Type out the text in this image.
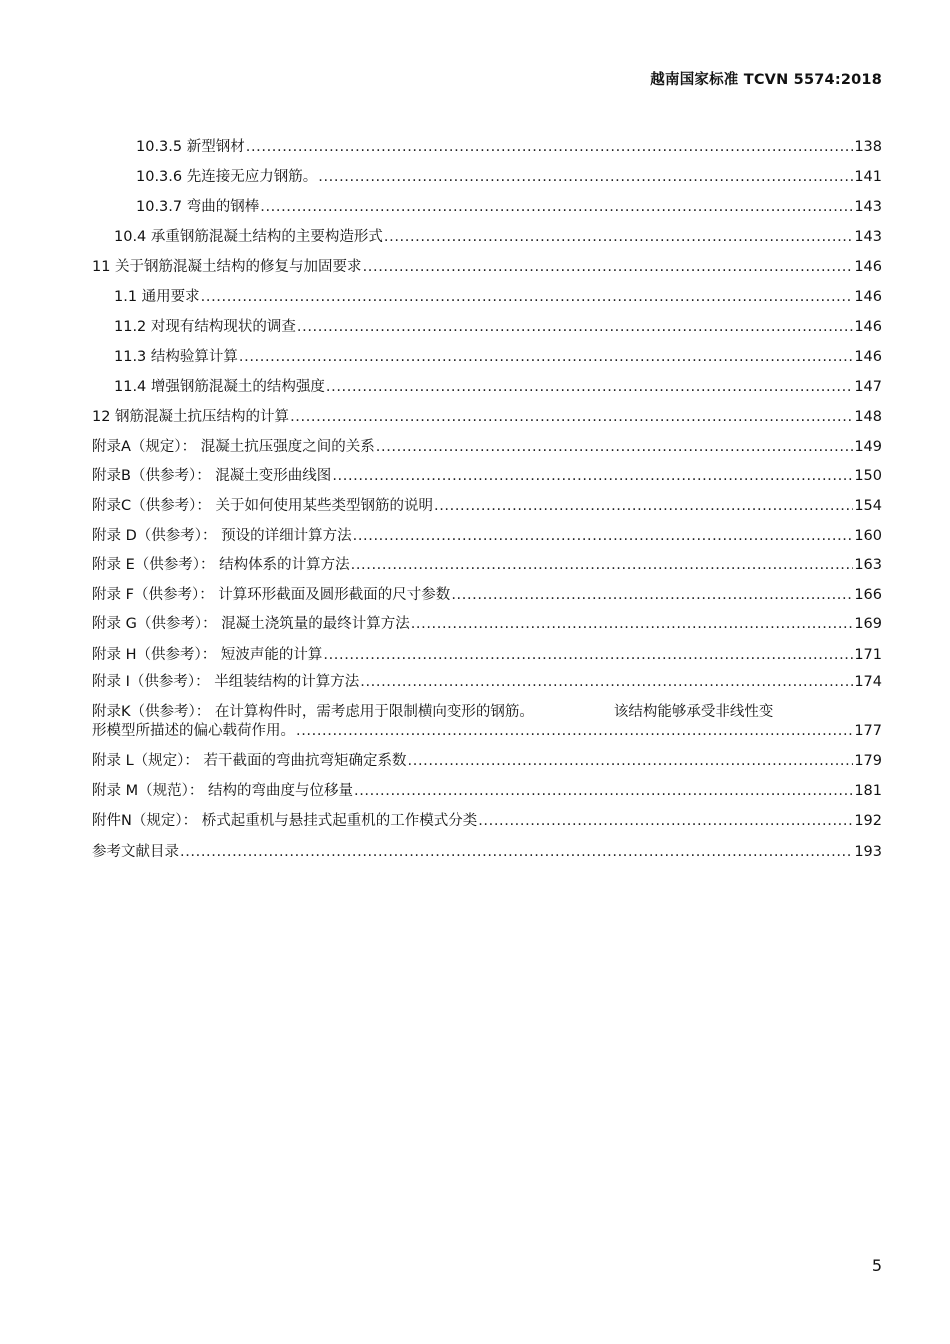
越南国家标准 TCVN 5574:2018
10.3.5 新型钢材 .....	138
10.3.6 先连接无应力钢筋。 .....	141
10.3.7 弯曲的钢棒 .....	143
10.4 承重钢筋混凝土结构的主要构造形式 .....	143
11 关于钢筋混凝土结构的修复与加固要求 .....	146
1.1 通用要求 .....	146
11.2 对现有结构现状的调查 .....	146
11.3 结构验算计算 .....	146
11.4 增强钢筋混凝土的结构强度 .....	147
12 钢筋混凝土抗压结构的计算 .....	148
附录A（规定）： 混凝土抗压强度之间的关系 .....	149
附录B（供参考）： 混凝土变形曲线图 .....	150
附录C（供参考）： 关于如何使用某些类型钢筋的说明 .....	154
附录 D（供参考）： 预设的详细计算方法 .....	160
附录 E（供参考）： 结构体系的计算方法 .....	163
附录 F（供参考）： 计算环形截面及圆形截面的尺寸参数 .....	166
附录 G（供参考）： 混凝土浇筑量的最终计算方法 .....	169
附录 H（供参考）： 短波声能的计算 .....	171
附录 I（供参考）： 半组装结构的计算方法 .....	174
附录K（供参考）： 在计算构件时，需考虑用于限制横向变形的钢筋。	该结构能够承受非线性变
形模型所描述的偏心载荷作用。 .....	177
附录 L（规定）： 若干截面的弯曲抗弯矩确定系数 .....	179
附录 M（规范）： 结构的弯曲度与位移量 .....	181
附件N（规定）： 桥式起重机与悬挂式起重机的工作模式分类 .....	192
参考文献目录 .....	193
5
